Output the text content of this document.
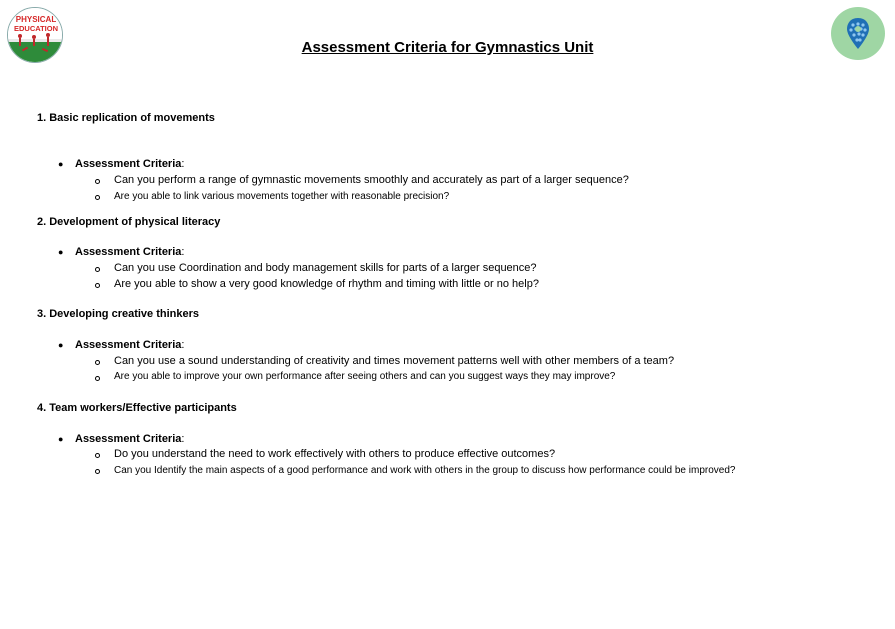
PHYSICAL
EDUCATION
Assessment Criteria for Gymnastics Unit
1. Basic replication of movements
● Assessment Criteria:
Can you perform a range of gymnastic movements smoothly and accurately as part of a larger sequence?
Are you able to link various movements together with reasonable precision?
2. Development of physical literacy
● Assessment Criteria:
Can you use Coordination and body management skills for parts of a larger sequence?
Are you able to show a very good knowledge of rhythm and timing with little or no help?
3. Developing creative thinkers
● Assessment Criteria:
Can you use a sound understanding of creativity and times movement patterns well with other members of a team?
Are you able to improve your own performance after seeing others and can you suggest ways they may improve?
4. Team workers/Effective participants
● Assessment Criteria:
Do you understand the need to work effectively with others to produce effective outcomes?
Can you Identify the main aspects of a good performance and work with others in the group to discuss how performance could be improved?
